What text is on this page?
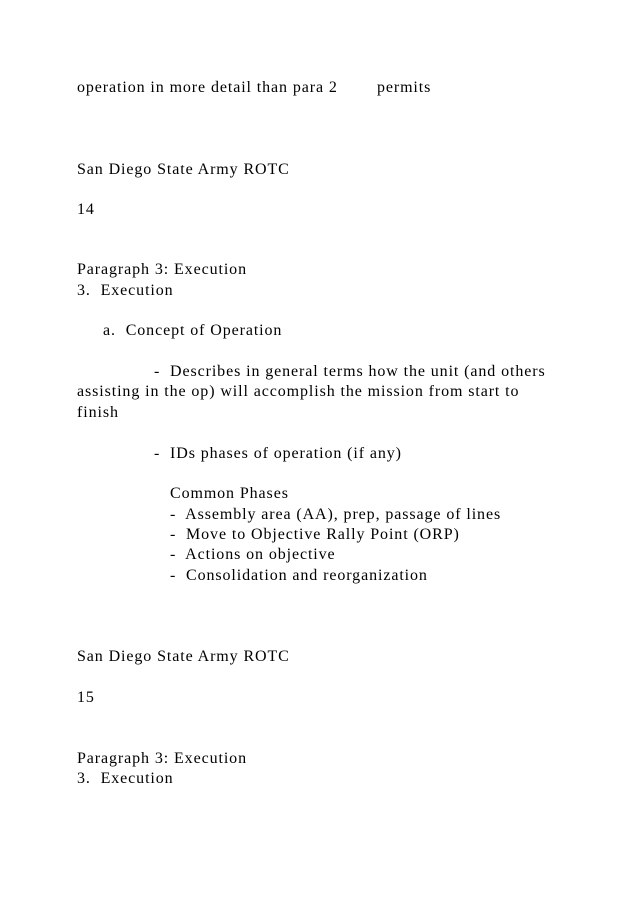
operation in more detail than para 2        permits
San Diego State Army ROTC
14
Paragraph 3: Execution
3.  Execution
a.  Concept of Operation
-  Describes in general terms how the unit (and others
assisting in the op) will accomplish the mission from start to
finish
-  IDs phases of operation (if any)
Common Phases
-  Assembly area (AA), prep, passage of lines
-  Move to Objective Rally Point (ORP)
-  Actions on objective
-  Consolidation and reorganization
San Diego State Army ROTC
15
Paragraph 3: Execution
3.  Execution
